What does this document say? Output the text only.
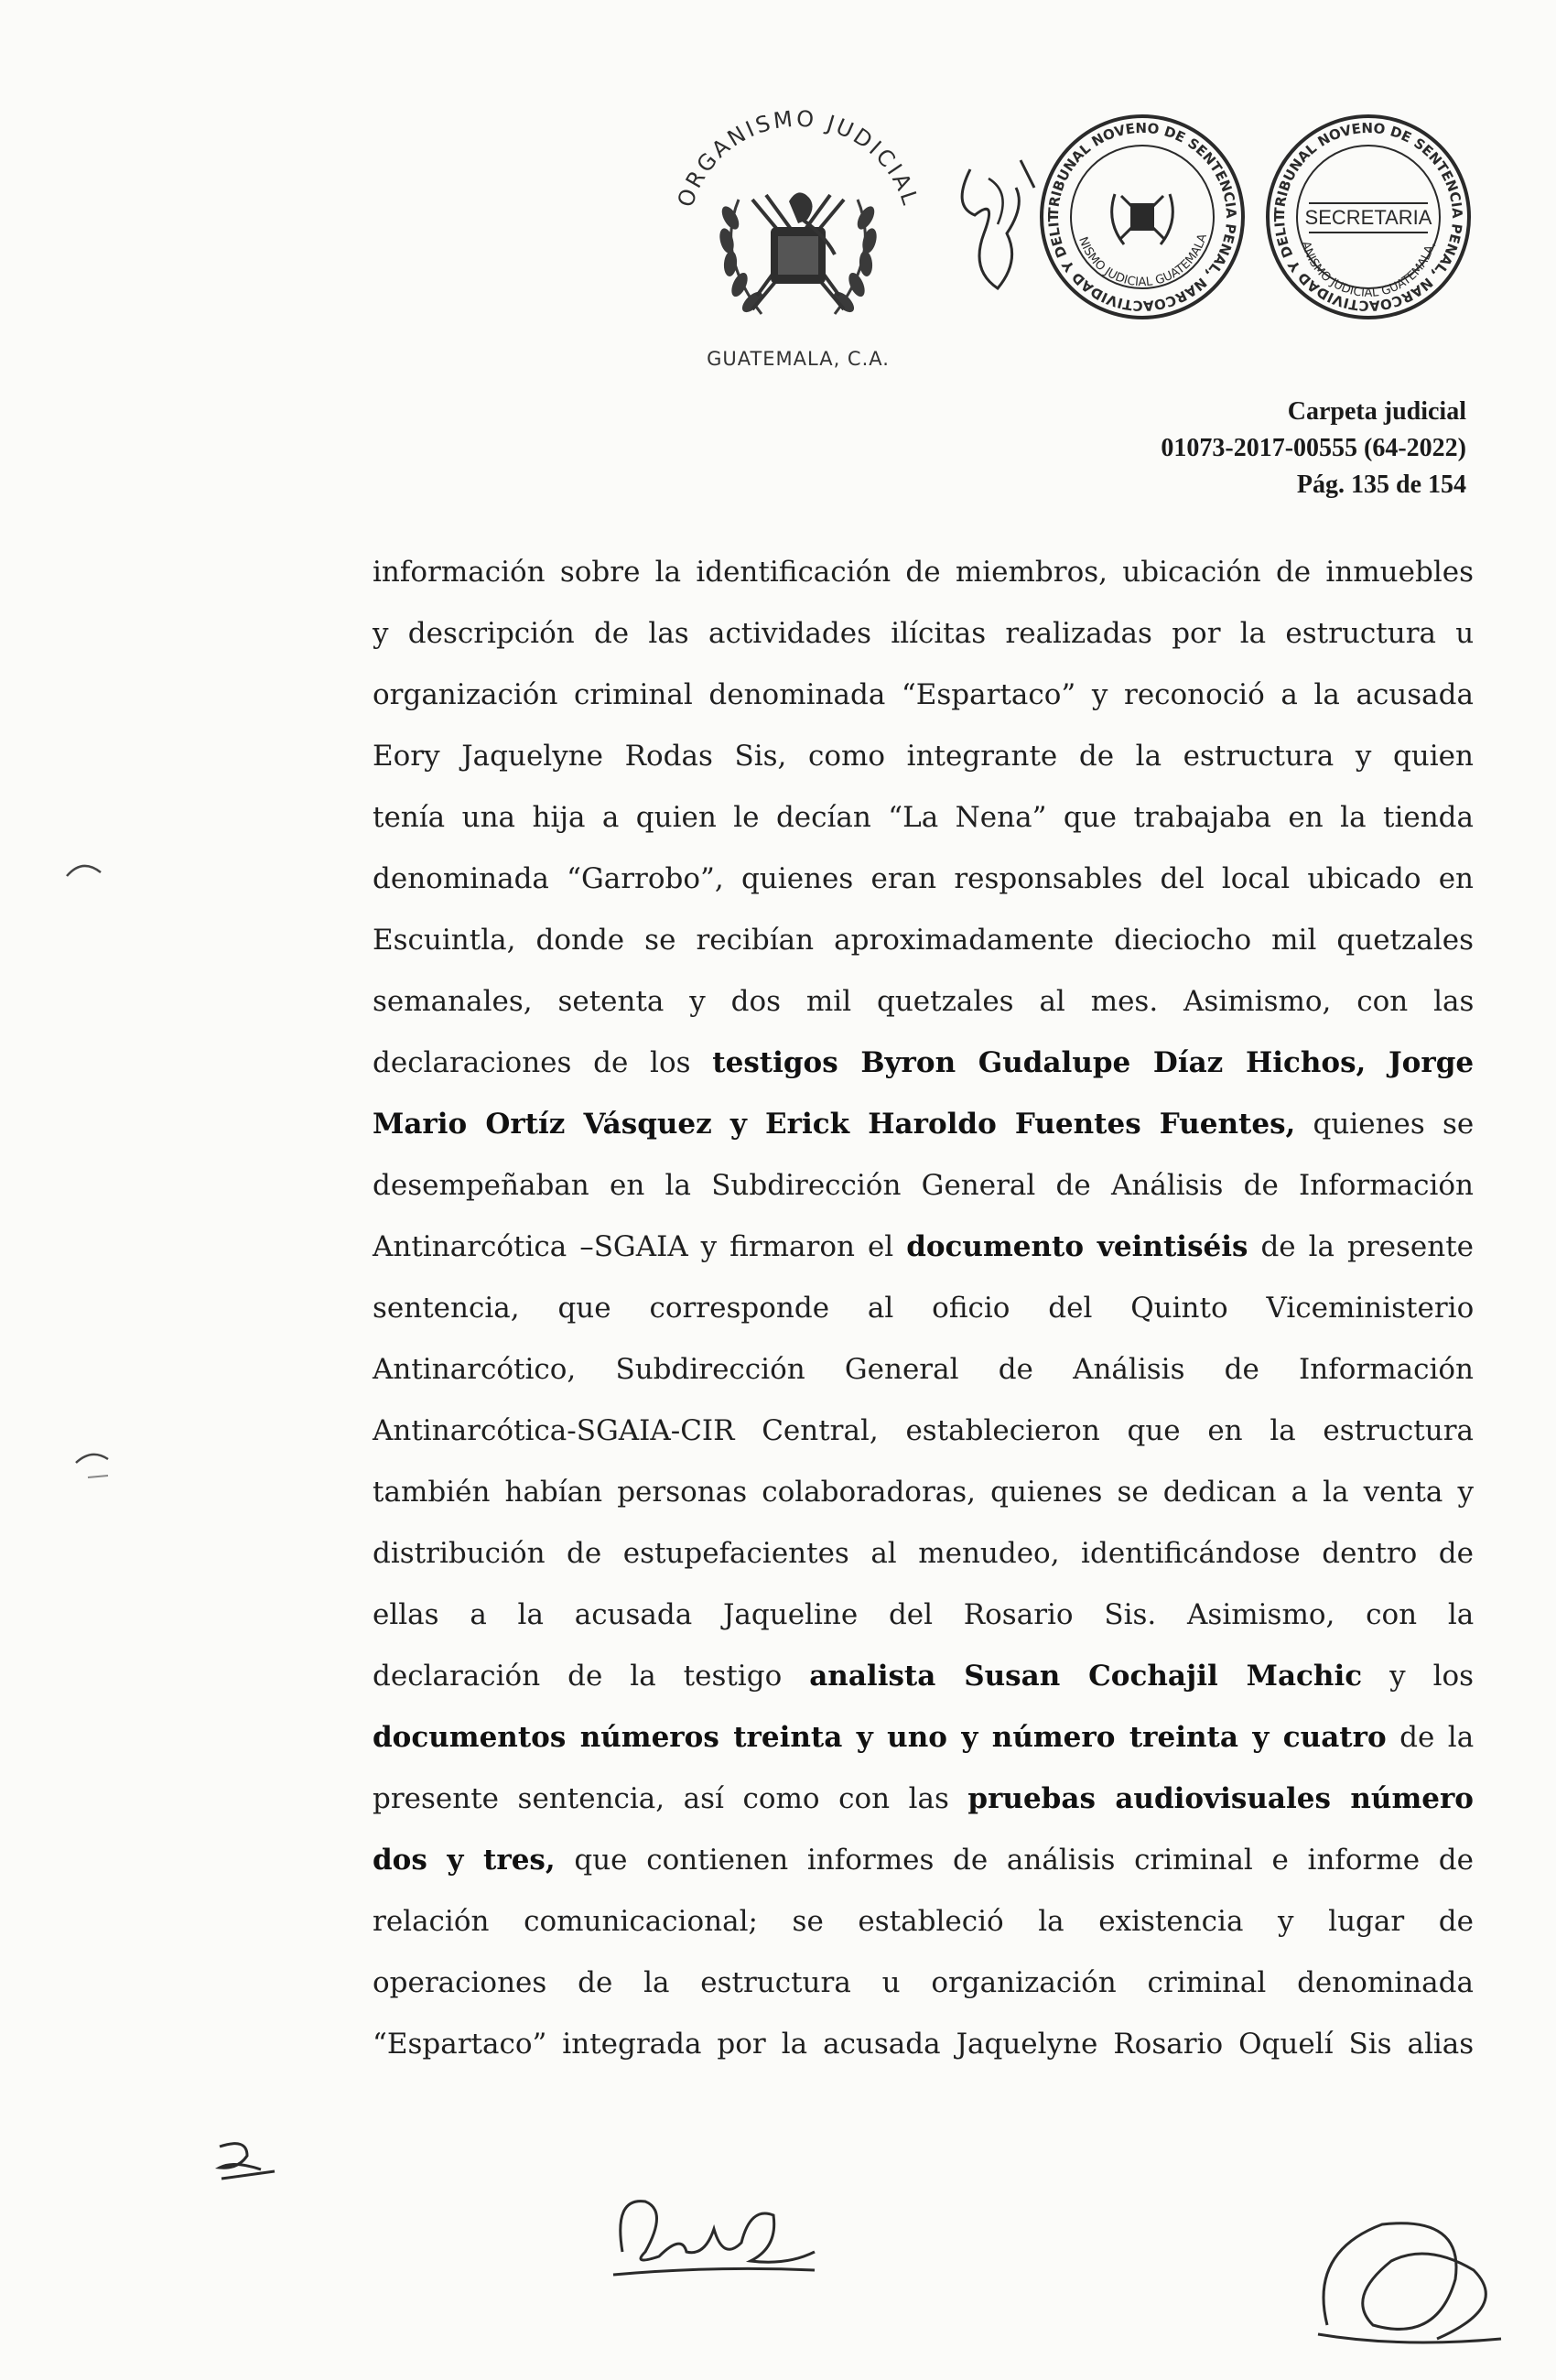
ORGANISMO JUDICIAL
GUATEMALA, C.A.
TRIBUNAL NOVENO DE SENTENCIA PENAL, NARCOACTIVIDAD Y DELIT
NISMO JUDICIAL GUATEMALA
TRIBUNAL NOVENO DE SENTENCIA PENAL, NARCOACTIVIDAD Y DELIT SECRETARIA
ANISMO JUDICIAL GUATEMALA,
Carpeta judicial
01073-2017-00555 (64-2022)
Pág. 135 de 154
información sobre la identificación de miembros, ubicación de inmuebles
y descripción de las actividades ilícitas realizadas por la estructura u
organización criminal denominada “Espartaco” y reconoció a la acusada
Eory Jaquelyne Rodas Sis, como integrante de la estructura y quien
tenía una hija a quien le decían “La Nena” que trabajaba en la tienda
denominada “Garrobo”, quienes eran responsables del local ubicado en
Escuintla, donde se recibían aproximadamente dieciocho mil quetzales
semanales, setenta y dos mil quetzales al mes. Asimismo, con las
declaraciones de los testigos Byron Gudalupe Díaz Hichos, Jorge
Mario Ortíz Vásquez y Erick Haroldo Fuentes Fuentes, quienes se
desempeñaban en la Subdirección General de Análisis de Información
Antinarcótica –SGAIA y firmaron el documento veintiséis de la presente
sentencia, que corresponde al oficio del Quinto Viceministerio
Antinarcótico, Subdirección General de Análisis de Información
Antinarcótica-SGAIA-CIR Central, establecieron que en la estructura
también habían personas colaboradoras, quienes se dedican a la venta y
distribución de estupefacientes al menudeo, identificándose dentro de
ellas a la acusada Jaqueline del Rosario Sis. Asimismo, con la
declaración de la testigo analista Susan Cochajil Machic y los
documentos números treinta y uno y número treinta y cuatro de la
presente sentencia, así como con las pruebas audiovisuales número
dos y tres, que contienen informes de análisis criminal e informe de
relación comunicacional; se estableció la existencia y lugar de
operaciones de la estructura u organización criminal denominada
“Espartaco” integrada por la acusada Jaquelyne Rosario Oquelí Sis alias
